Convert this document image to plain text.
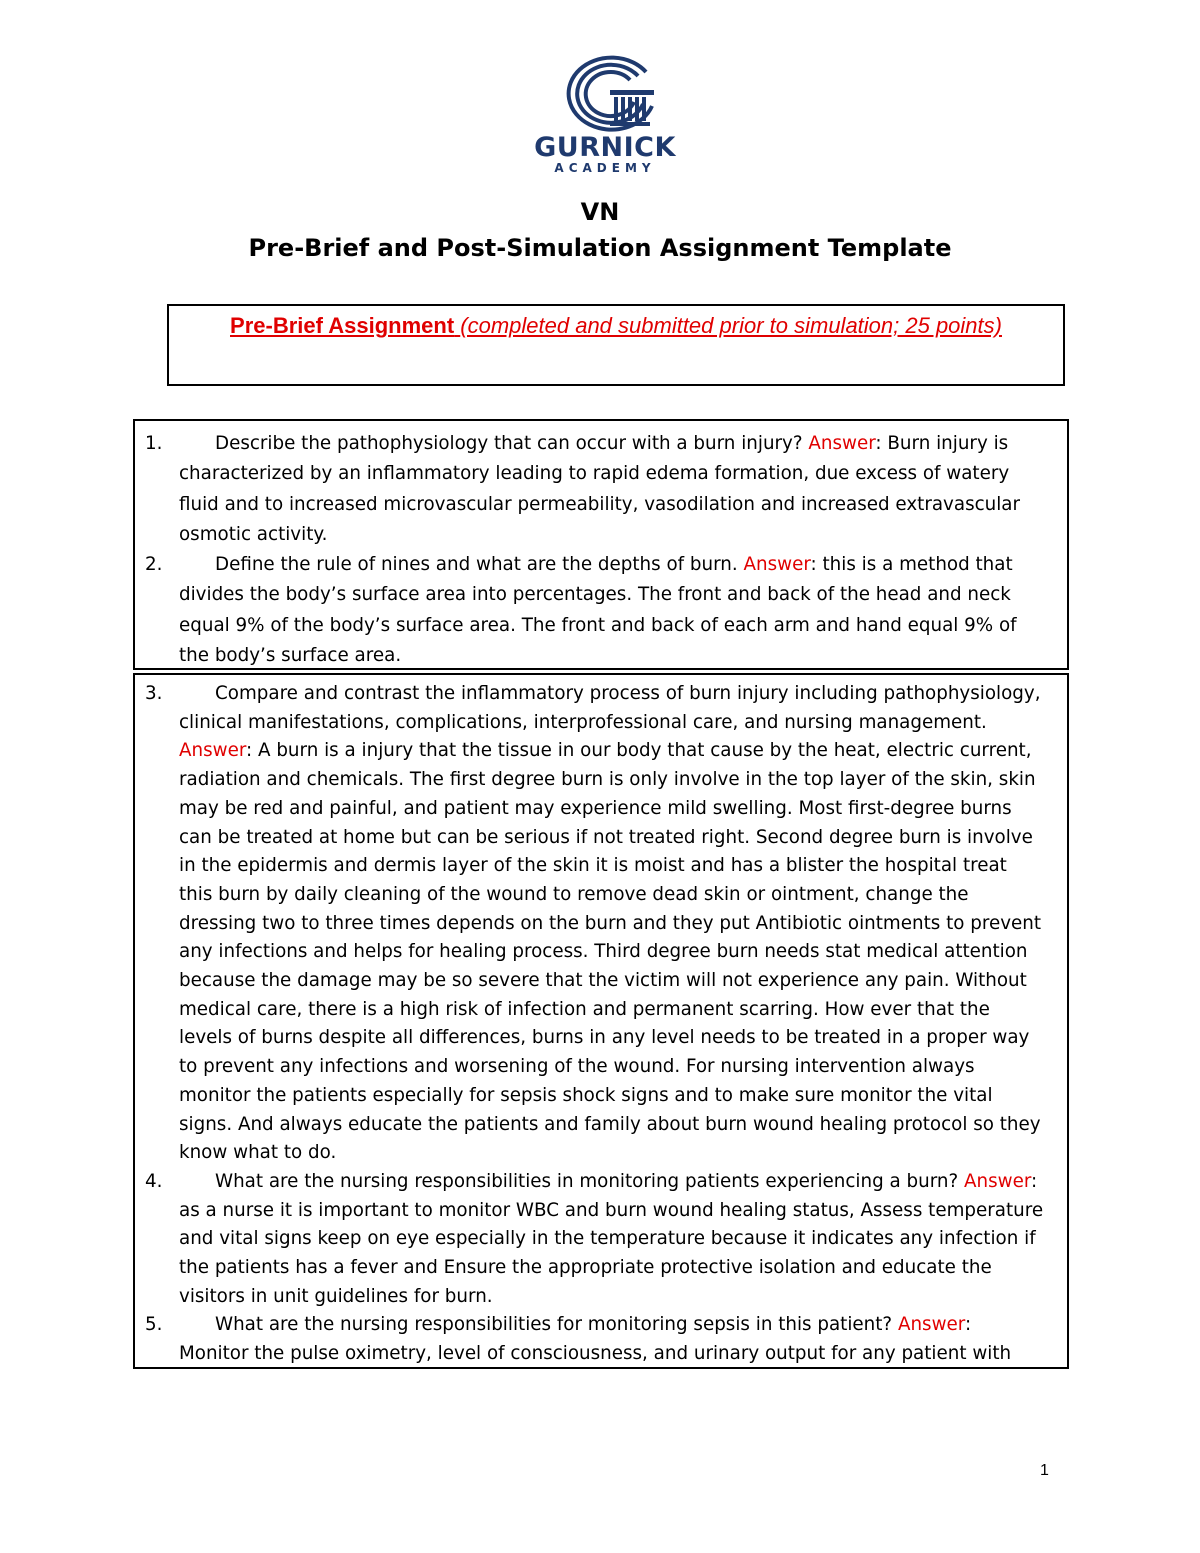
GURNICK
ACADEMY
VN
Pre-Brief and Post-Simulation Assignment Template
Pre-Brief Assignment (completed and submitted prior to simulation; 25 points)
1.	Describe the pathophysiology that can occur with a burn injury? Answer: Burn injury is characterized by an inflammatory leading to rapid edema formation, due excess of watery fluid and to increased microvascular permeability, vasodilation and increased extravascular osmotic activity.
2.	Define the rule of nines and what are the depths of burn. Answer: this is a method that divides the body’s surface area into percentages. The front and back of the head and neck equal 9% of the body’s surface area. The front and back of each arm and hand equal 9% of the body’s surface area.
3.	Compare and contrast the inflammatory process of burn injury including pathophysiology, clinical manifestations, complications, interprofessional care, and nursing management. Answer: A burn is a injury that the tissue in our body that cause by the heat, electric current, radiation and chemicals. The first degree burn is only involve in the top layer of the skin, skin may be red and painful, and patient may experience mild swelling. Most first-degree burns can be treated at home but can be serious if not treated right. Second degree burn is involve in the epidermis and dermis layer of the skin it is moist and has a blister the hospital treat this burn by daily cleaning of the wound to remove dead skin or ointment, change the dressing two to three times depends on the burn and they put Antibiotic ointments to prevent any infections and helps for healing process. Third degree burn needs stat medical attention because the damage may be so severe that the victim will not experience any pain. Without medical care, there is a high risk of infection and permanent scarring. How ever that the levels of burns despite all differences, burns in any level needs to be treated in a proper way to prevent any infections and worsening of the wound. For nursing intervention always monitor the patients especially for sepsis shock signs and to make sure monitor the vital signs. And always educate the patients and family about burn wound healing protocol so they know what to do.
4.	What are the nursing responsibilities in monitoring patients experiencing a burn? Answer: as a nurse it is important to monitor WBC and burn wound healing status, Assess temperature and vital signs keep on eye especially in the temperature because it indicates any infection if the patients has a fever and Ensure the appropriate protective isolation and educate the visitors in unit guidelines for burn.
5.	What are the nursing responsibilities for monitoring sepsis in this patient? Answer: Monitor the pulse oximetry, level of consciousness, and urinary output for any patient with
1
